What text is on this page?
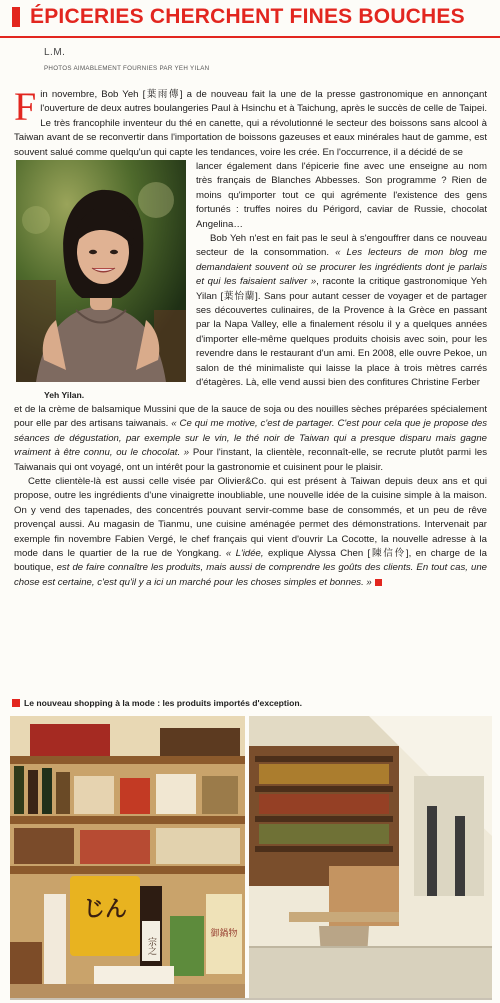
ÉPICERIES CHERCHENT FINES BOUCHES
L.M.
PHOTOS AIMABLEMENT FOURNIES PAR YEH YILAN
Yeh Yilan.
Fin novembre, Bob Yeh [葉雨傳] a de nouveau fait la une de la presse gastronomique en annonçant l'ouverture de deux autres boulangeries Paul à Hsinchu et à Taichung, après le succès de celle de Taipei. Le très francophile inventeur du thé en canette, qui a révolutionné le secteur des boissons sans alcool à Taiwan avant de se reconvertir dans l'importation de boissons gazeuses et eaux minérales haut de gamme, est souvent salué comme quelqu'un qui capte les tendances, voire les crée. En l'occurrence, il a décidé de se

lancer également dans l'épicerie fine avec une enseigne au nom très français de Blanches Abbesses. Son programme ? Rien de moins qu'importer tout ce qui agrémente l'existence des gens fortunés : truffes noires du Périgord, caviar de Russie, chocolat Angelina…

Bob Yeh n'est en fait pas le seul à s'engouffrer dans ce nouveau secteur de la consommation. « Les lecteurs de mon blog me demandaient souvent où se procurer les ingrédients dont je parlais et qui les faisaient saliver », raconte la critique gastronomique Yeh Yilan [葉怡蘭]. Sans pour autant cesser de voyager et de partager ses découvertes culinaires, de la Provence à la Grèce en passant par la Napa Valley, elle a finalement résolu il y a quelques années d'importer elle-même quelques produits choisis avec soin, pour les revendre dans le restaurant d'un ami. En 2008, elle ouvre Pekoe, un salon de thé minimaliste qui laisse la place à trois mètres carrés d'étagères. Là, elle vend aussi bien des confitures Christine Ferber

et de la crème de balsamique Mussini que de la sauce de soja ou des nouilles sèches préparées spécialement pour elle par des artisans taiwanais. « Ce qui me motive, c'est de partager. C'est pour cela que je propose des séances de dégustation, par exemple sur le vin, le thé noir de Taiwan qui a presque disparu mais gagne vraiment à être connu, ou le chocolat. » Pour l'instant, la clientèle, reconnaît-elle, se recrute plutôt parmi les Taiwanais qui ont voyagé, ont un intérêt pour la gastronomie et cuisinent pour le plaisir.

Cette clientèle-là est aussi celle visée par Olivier&Co. qui est présent à Taiwan depuis deux ans et qui propose, outre les ingrédients d'une vinaigrette inoubliable, une nouvelle idée de la cuisine simple à la maison. On y vend des tapenades, des concentrés pouvant servir-comme base de consommés, et un peu de rêve provençal aussi. Au magasin de Tianmu, une cuisine aménagée permet des démonstrations. Intervenait par exemple fin novembre Fabien Vergé, le chef français qui vient d'ouvrir La Cocotte, la nouvelle adresse à la mode dans le quartier de la rue de Yongkang. « L'idée, explique Alyssa Chen [陳信伶], en charge de la boutique, est de faire connaître les produits, mais aussi de comprendre les goûts des clients. En tout cas, une chose est certaine, c'est qu'il y a ici un marché pour les choses simples et bonnes. »

Le nouveau shopping à la mode : les produits importés d'exception.
じん
宗之
御鍋物
